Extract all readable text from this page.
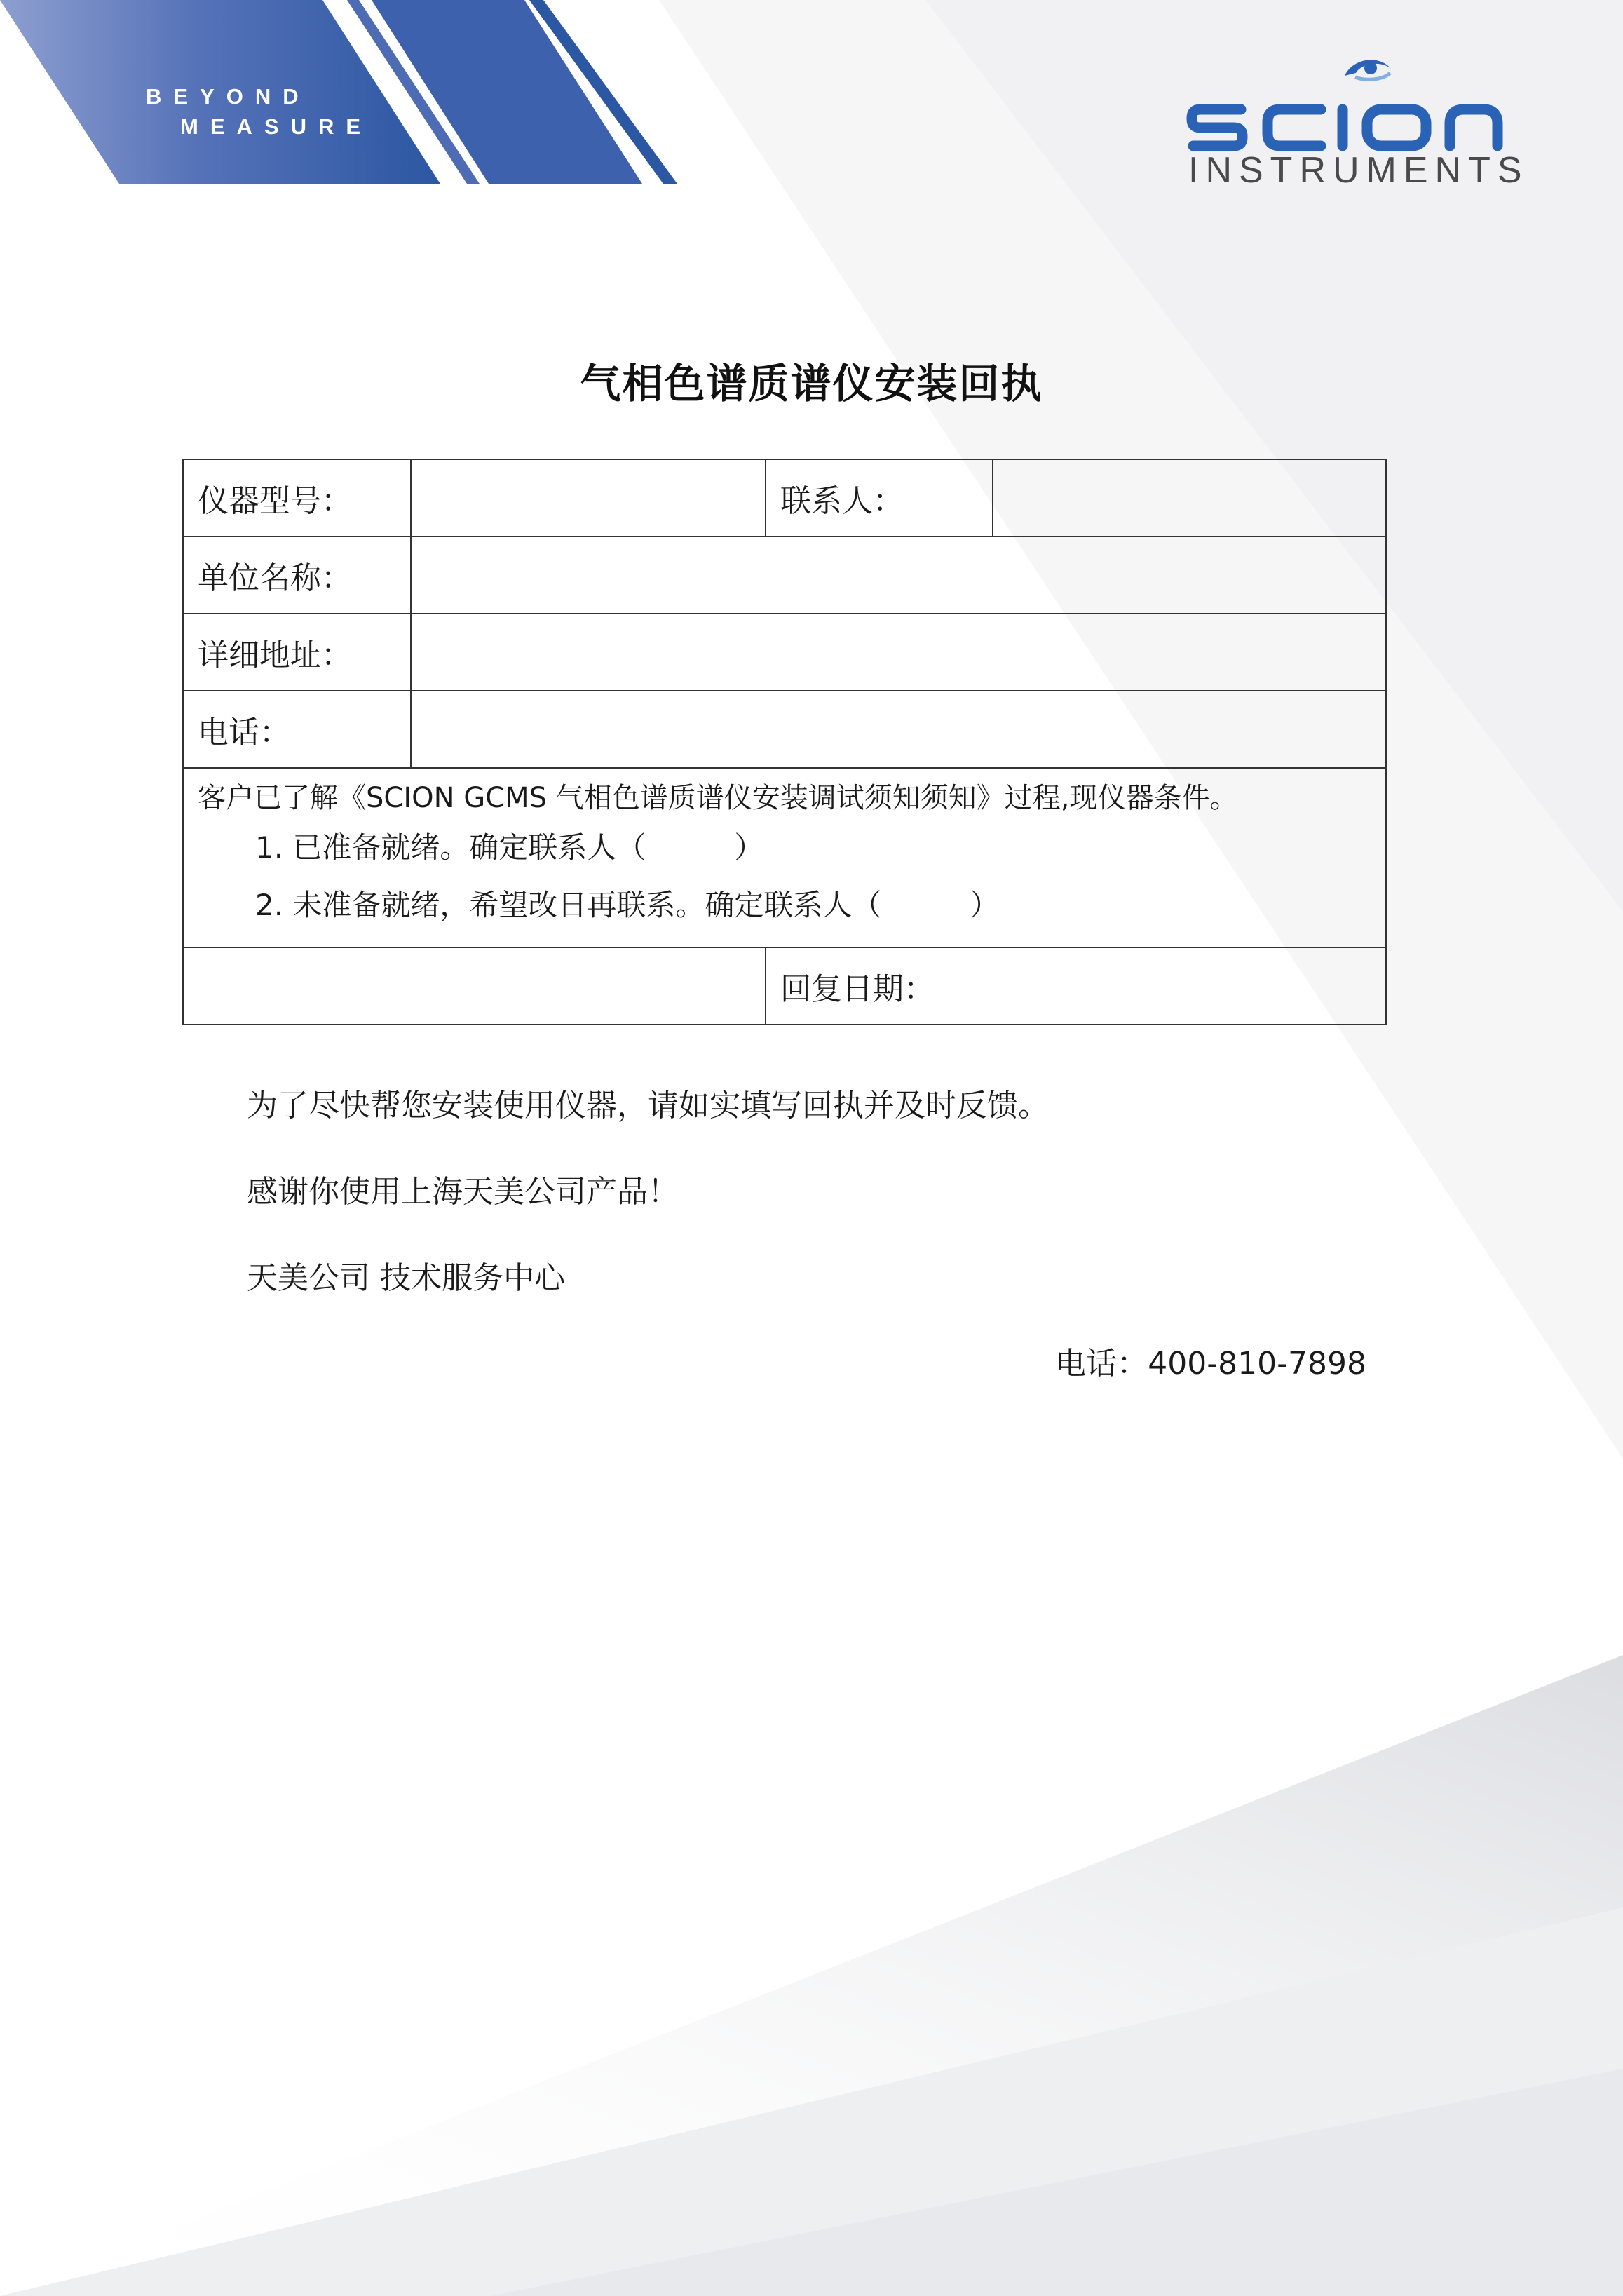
BEYOND
MEASURE
INSTRUMENTS
气相色谱质谱仪安装回执
仪器型号：		联系人：	
单位名称：			
详细地址：			
电话：			

客户已了解《SCION GCMS 气相色谱质谱仪安装调试须知须知》过程,现仪器条件。
1. 已准备就绪。确定联系人（　　　）
2. 未准备就绪，希望改日再联系。确定联系人（　　　）			

		回复日期：	
为了尽快帮您安装使用仪器，请如实填写回执并及时反馈。
感谢你使用上海天美公司产品！
天美公司 技术服务中心
电话：400-810-7898
